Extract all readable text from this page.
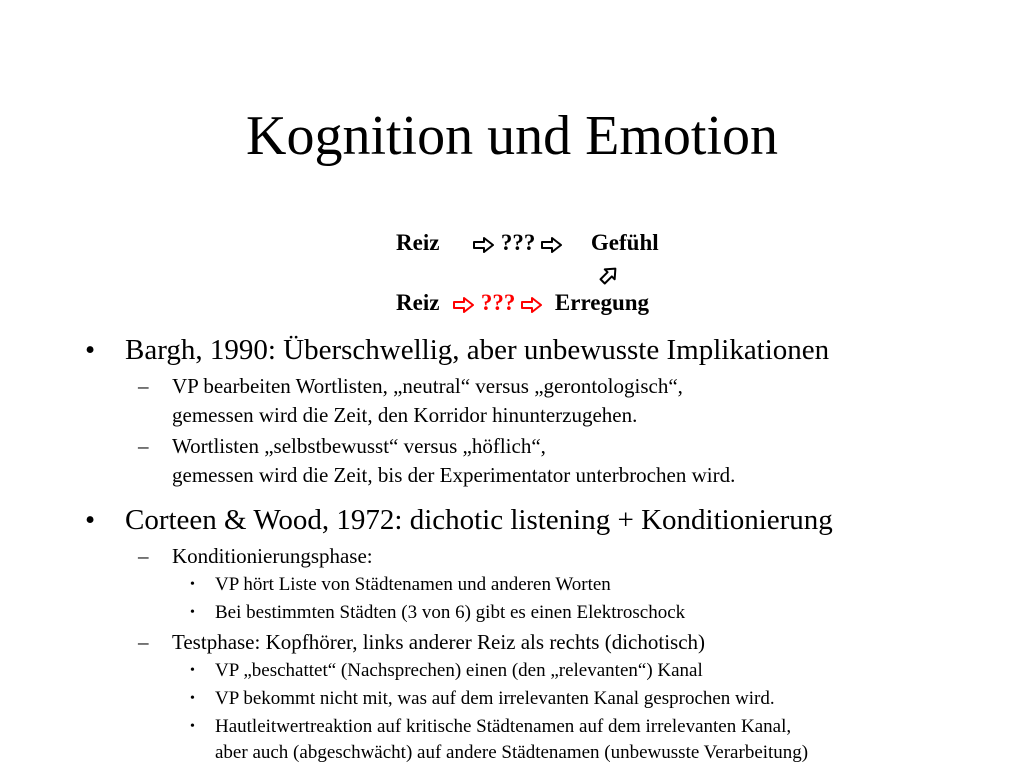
Kognition und Emotion
Reiz	??? Gefühl
Reiz ??? Erregung
• Bargh, 1990: Überschwellig, aber unbewusste Implikationen
– VP bearbeiten Wortlisten, „neutral“ versus „gerontologisch“,
gemessen wird die Zeit, den Korridor hinunterzugehen.
– Wortlisten „selbstbewusst“ versus „höflich“,
gemessen wird die Zeit, bis der Experimentator unterbrochen wird.
• Corteen & Wood, 1972: dichotic listening + Konditionierung
– Konditionierungsphase:
• VP hört Liste von Städtenamen und anderen Worten
• Bei bestimmten Städten (3 von 6) gibt es einen Elektroschock
– Testphase: Kopfhörer, links anderer Reiz als rechts (dichotisch)
• VP „beschattet“ (Nachsprechen) einen (den „relevanten“) Kanal
• VP bekommt nicht mit, was auf dem irrelevanten Kanal gesprochen wird.
• Hautleitwertreaktion auf kritische Städtenamen auf dem irrelevanten Kanal,
aber auch (abgeschwächt) auf andere Städtenamen (unbewusste Verarbeitung)
